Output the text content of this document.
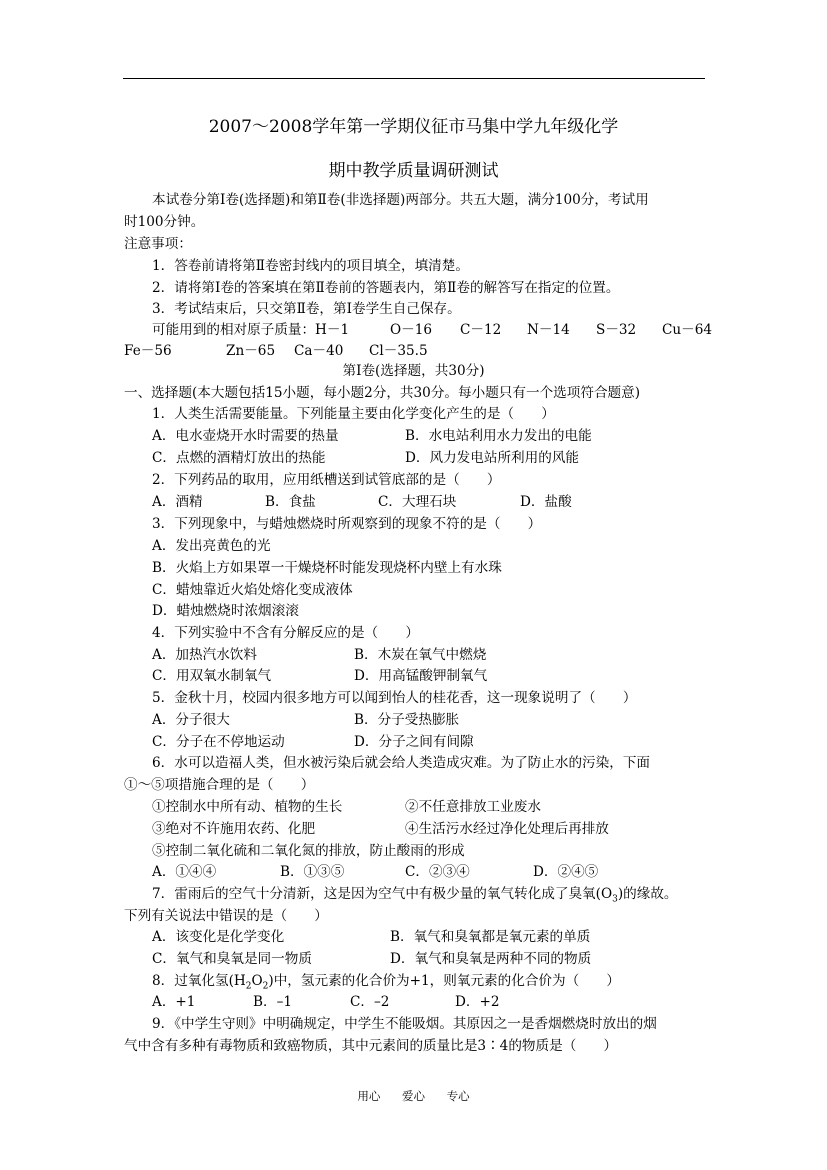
2007～2008学年第一学期仪征市马集中学九年级化学
期中教学质量调研测试
本试卷分第Ⅰ卷(选择题)和第Ⅱ卷(非选择题)两部分。共五大题，满分100分，考试用
时100分钟。
注意事项：
1．答卷前请将第Ⅱ卷密封线内的项目填全，填清楚。
2．请将第Ⅰ卷的答案填在第Ⅱ卷前的答题表内，第Ⅱ卷的解答写在指定的位置。
3．考试结束后，只交第Ⅱ卷，第Ⅰ卷学生自己保存。
可能用到的相对原子质量： H－1	O－16 C－12 N－14 S－32 Cu－64
Fe－56	Zn－65 Ca－40 Cl－35.5
第Ⅰ卷(选择题，共30分)
一、选择题(本大题包括15小题，每小题2分，共30分。每小题只有一个选项符合题意)
1．人类生活需要能量。下列能量主要由化学变化产生的是（　　）
A．电水壶烧开水时需要的热量	B．水电站利用水力发出的电能
C．点燃的酒精灯放出的热能	D．风力发电站所利用的风能
2．下列药品的取用，应用纸槽送到试管底部的是（　　）
A．酒精	B．食盐	C．大理石块	D．盐酸
3．下列现象中，与蜡烛燃烧时所观察到的现象不符的是（　　）
A．发出亮黄色的光
B．火焰上方如果罩一干燥烧杯时能发现烧杯内壁上有水珠
C．蜡烛靠近火焰处熔化变成液体
D．蜡烛燃烧时浓烟滚滚
4．下列实验中不含有分解反应的是（　　）
A．加热汽水饮料	B．木炭在氧气中燃烧
C．用双氧水制氧气	D．用高锰酸钾制氧气
5．金秋十月，校园内很多地方可以闻到怡人的桂花香，这一现象说明了（　　）
A．分子很大	B．分子受热膨胀
C．分子在不停地运动	D．分子之间有间隙
6．水可以造福人类，但水被污染后就会给人类造成灾难。为了防止水的污染，下面
①～⑤项措施合理的是（　　）
①控制水中所有动、植物的生长	②不任意排放工业废水
③绝对不许施用农药、化肥	④生活污水经过净化处理后再排放
⑤控制二氧化硫和二氧化氮的排放，防止酸雨的形成
A．①④④	B．①③⑤	C．②③④	D．②④⑤
7．雷雨后的空气十分清新，这是因为空气中有极少量的氧气转化成了臭氧$(O_3)$的缘故。
下列有关说法中错误的是（　　）
A．该变化是化学变化	B．氧气和臭氧都是氧元素的单质
C．氧气和臭氧是同一物质	D．氧气和臭氧是两种不同的物质
8．过氧化氢$(H_2O_2)$中，氢元素的化合价为+1，则氧元素的化合价为（　　）
A．+1	B．–1	C．–2	D．+2
9．《中学生守则》中明确规定，中学生不能吸烟。其原因之一是香烟燃烧时放出的烟
气中含有多种有毒物质和致癌物质，其中元素间的质量比是3∶4的物质是（　　）
用心 爱心 专心
